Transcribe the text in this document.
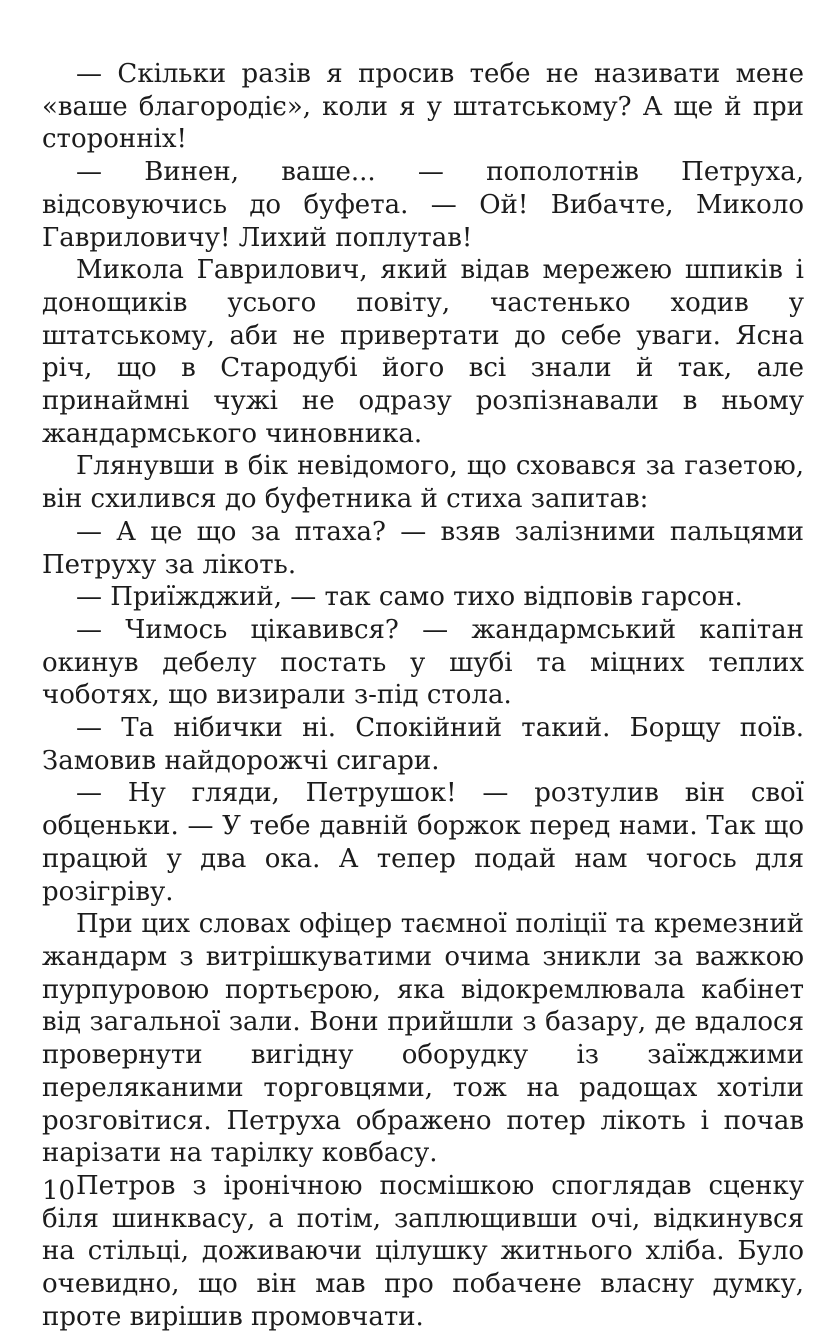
— Скільки разів я просив тебе не називати мене «ваше благородіє», коли я у штатському? А ще й при сторонніх!

— Винен, ваше... — пополотнів Петруха, відсовуючись до буфета. — Ой! Вибачте, Миколо Гавриловичу! Лихий поплутав!

Микола Гаврилович, який відав мережею шпиків і донощиків усього повіту, частенько ходив у штатському, аби не привертати до себе уваги. Ясна річ, що в Стародубі його всі знали й так, але принаймні чужі не одразу розпізнавали в ньому жандармського чиновника.

Глянувши в бік невідомого, що сховався за газетою, він схилився до буфетника й стиха запитав:

— А це що за птаха? — взяв залізними пальцями Петруху за лікоть.

— Приїжджий, — так само тихо відповів гарсон.

— Чимось цікавився? — жандармський капітан окинув дебелу постать у шубі та міцних теплих чоботях, що визирали з-під стола.

— Та нібички ні. Спокійний такий. Борщу поїв. Замовив найдорожчі сигари.

— Ну гляди, Петрушок! — розтулив він свої обценьки. — У тебе давній боржок перед нами. Так що працюй у два ока. А тепер подай нам чогось для розігріву.

При цих словах офіцер таємної поліції та кремезний жандарм з витрішкуватими очима зникли за важкою пурпуровою портьєрою, яка відокремлювала кабінет від загальної зали. Вони прийшли з базару, де вдалося провернути вигідну оборудку із заїжджими переляканими торговцями, тож на радощах хотіли розговітися. Петруха ображено потер лікоть і почав нарізати на тарілку ковбасу.

Петров з іронічною посмішкою споглядав сценку біля шинквасу, а потім, заплющивши очі, відкинувся на стільці, доживаючи цілушку житнього хліба. Було очевидно, що він мав про побачене власну думку, проте вирішив промовчати.

10
